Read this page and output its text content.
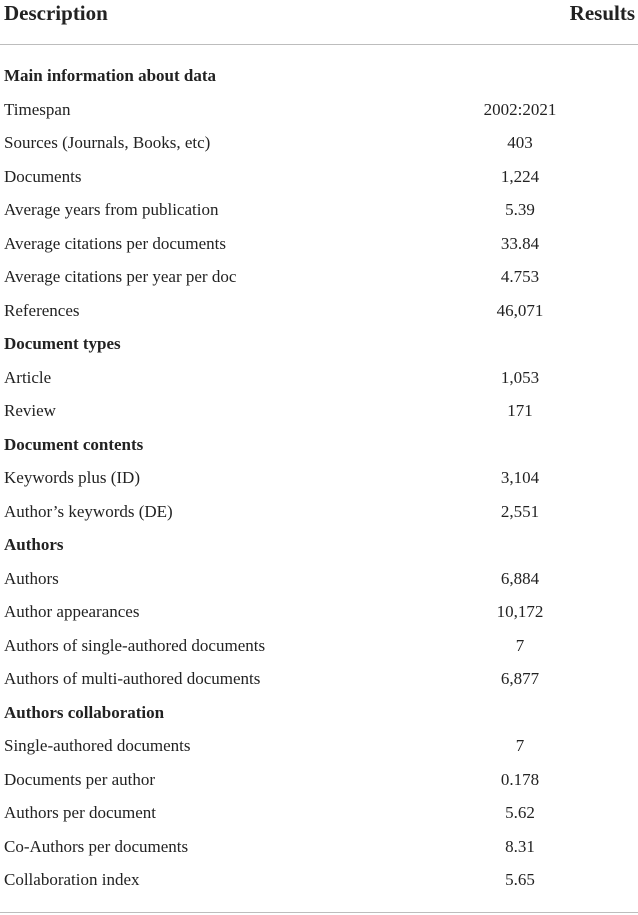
Description	Results
Main information about data
Timespan	2002:2021
Sources (Journals, Books, etc)	403
Documents	1,224
Average years from publication	5.39
Average citations per documents	33.84
Average citations per year per doc	4.753
References	46,071
Document types
Article	1,053
Review	171
Document contents
Keywords plus (ID)	3,104
Author’s keywords (DE)	2,551
Authors
Authors	6,884
Author appearances	10,172
Authors of single-authored documents	7
Authors of multi-authored documents	6,877
Authors collaboration
Single-authored documents	7
Documents per author	0.178
Authors per document	5.62
Co-Authors per documents	8.31
Collaboration index	5.65
